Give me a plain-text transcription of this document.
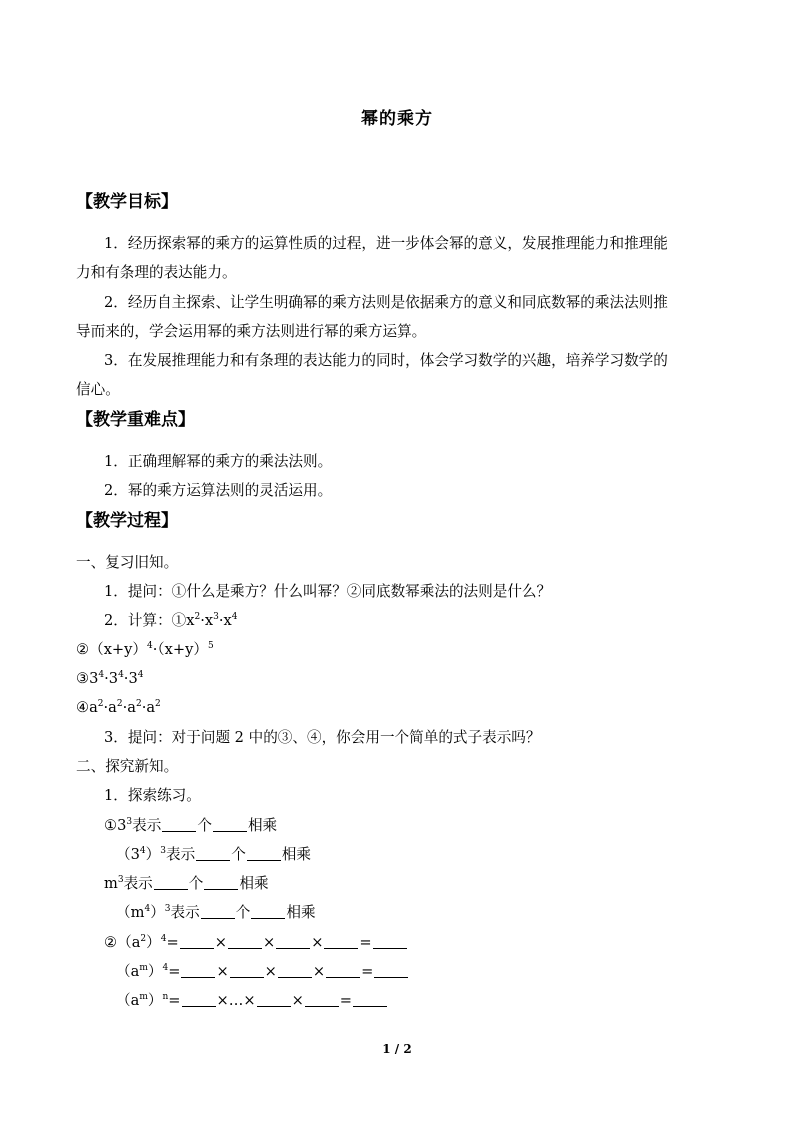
幂的乘方
【教学目标】
1．经历探索幂的乘方的运算性质的过程，进一步体会幂的意义，发展推理能力和推理能
力和有条理的表达能力。
2．经历自主探索、让学生明确幂的乘方法则是依据乘方的意义和同底数幂的乘法法则推
导而来的，学会运用幂的乘方法则进行幂的乘方运算。
3．在发展推理能力和有条理的表达能力的同时，体会学习数学的兴趣，培养学习数学的
信心。
【教学重难点】
1．正确理解幂的乘方的乘法法则。
2．幂的乘方运算法则的灵活运用。
【教学过程】
一、复习旧知。
1．提问：①什么是乘方？什么叫幂？②同底数幂乘法的法则是什么？
2．计算：$①x^2\cdot x^3\cdot x^4$
$②(x+y)^4\cdot(x+y)^5$
$③3^4\cdot 3^4\cdot 3^4$
$④a^2\cdot a^2\cdot a^2\cdot a^2$
3．提问：对于问题 2 中的③、④，你会用一个简单的式子表示吗？
二、探究新知。
1．探索练习。
$①3^3$表示 个 相乘
$(3^4)^3$表示 个 相乘
$m^3$表示 个 相乘
$(m^4)^3$表示 个 相乘
$②(a^2)^4=$ × × × =
$(a^m)^4=$ × × × =
$(a^m)^n=$ ×…× × =
1 / 2
